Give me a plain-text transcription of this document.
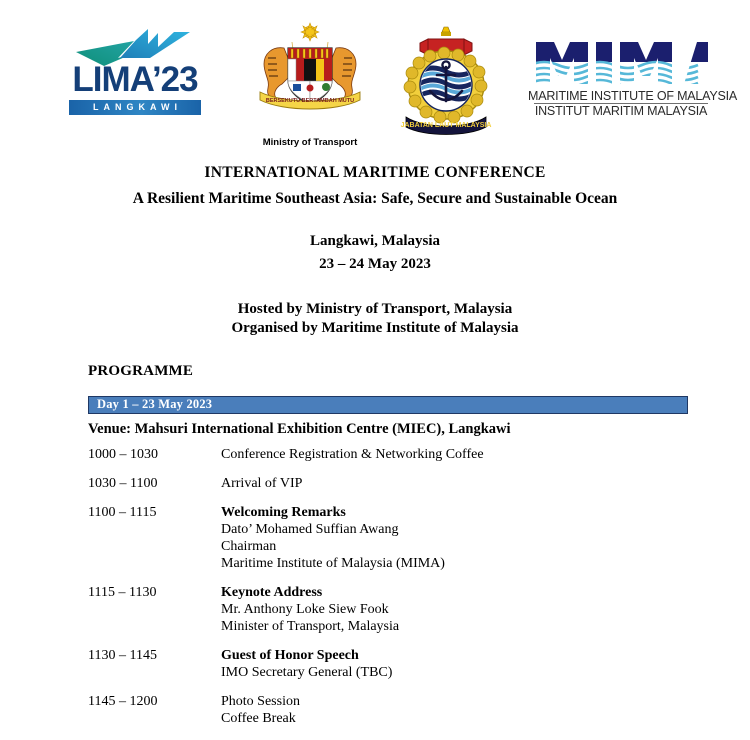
LIMA’23
LANGKAWI
BERSEKUTU BERTAMBAH MUTU
Ministry of Transport
JABATAN LAUT MALAYSIA
MARITIME INSTITUTE OF MALAYSIA
INSTITUT MARITIM MALAYSIA
INTERNATIONAL MARITIME CONFERENCE
A Resilient Maritime Southeast Asia: Safe, Secure and Sustainable Ocean
Langkawi, Malaysia
23 – 24 May 2023
Hosted by Ministry of Transport, Malaysia
Organised by Maritime Institute of Malaysia
PROGRAMME
Day 1 – 23 May 2023
Venue: Mahsuri International Exhibition Centre (MIEC), Langkawi
1000 – 1030	Conference Registration & Networking Coffee
1030 – 1100	Arrival of VIP
1100 – 1115	Welcoming Remarks
Dato’ Mohamed Suffian Awang
Chairman
Maritime Institute of Malaysia (MIMA)
1115 – 1130	Keynote Address
Mr. Anthony Loke Siew Fook
Minister of Transport, Malaysia
1130 – 1145	Guest of Honor Speech
IMO Secretary General (TBC)
1145 – 1200	Photo Session
Coffee Break
